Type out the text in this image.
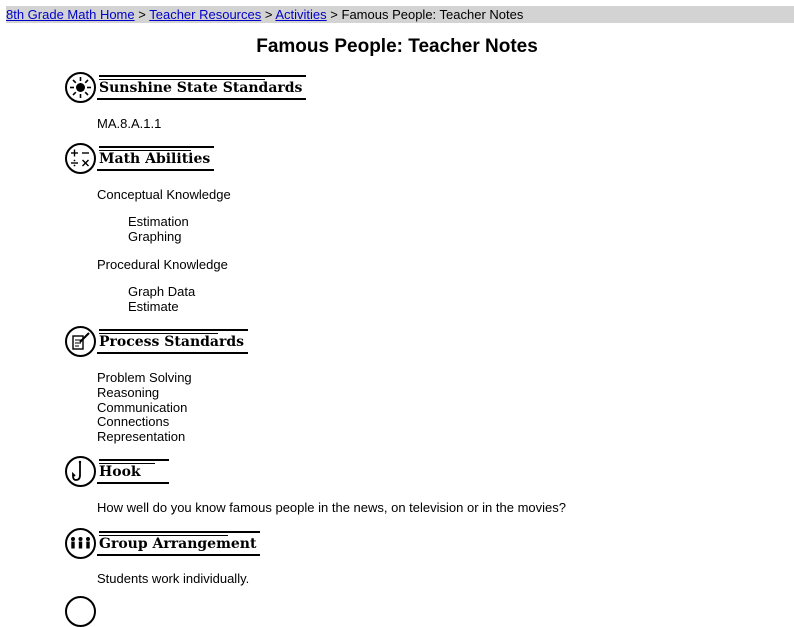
8th Grade Math Home > Teacher Resources > Activities > Famous People: Teacher Notes
Famous People: Teacher Notes
Sunshine State Standards
MA.8.A.1.1
Math Abilities
Conceptual Knowledge
Estimation
Graphing
Procedural Knowledge
Graph Data
Estimate
Process Standards
Problem Solving
Reasoning
Communication
Connections
Representation
Hook
How well do you know famous people in the news, on television or in the movies?
Group Arrangement
Students work individually.
